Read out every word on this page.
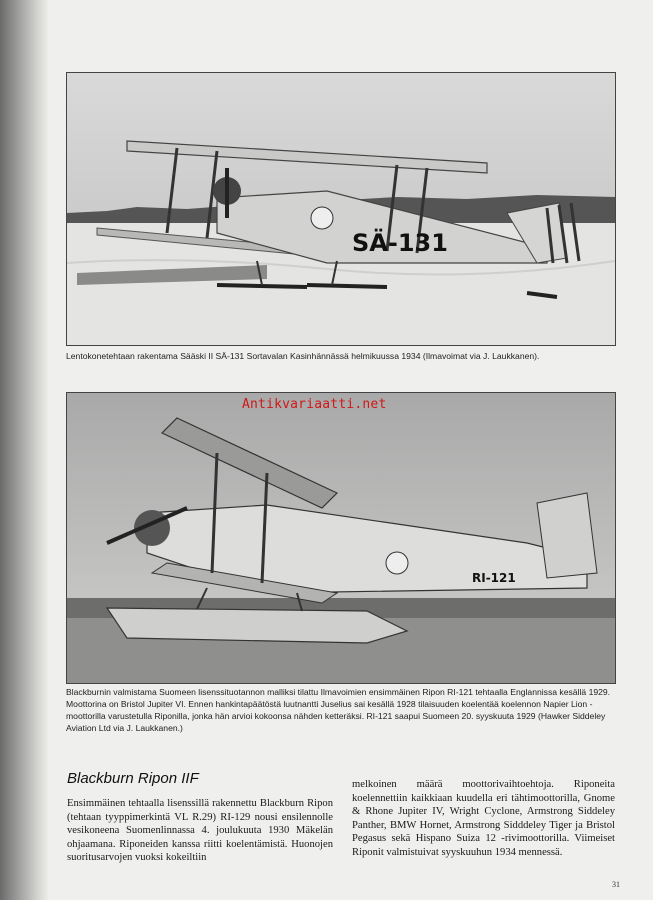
SÄ-131
Lentokonetehtaan rakentama Sääski II SÄ-131 Sortavalan Kasinhännässä helmikuussa 1934 (Ilmavoimat via J. Laukkanen).
RI-121
Antikvariaatti.net
Blackburnin valmistama Suomeen lisenssituotannon malliksi tilattu Ilmavoimien ensimmäinen Ripon RI-121 tehtaalla Englannissa kesällä 1929. Moottorina on Bristol Jupiter VI. Ennen hankintapäätöstä luutnantti Juselius sai kesällä 1928 tilaisuuden koelentää koelennon Napier Lion -moottorilla varustetulla Riponilla, jonka hän arvioi kokoonsa nähden ketteräksi. RI-121 saapui Suomeen 20. syyskuuta 1929 (Hawker Siddeley Aviation Ltd via J. Laukkanen.)
Blackburn Ripon IIF
Ensimmäinen tehtaalla lisenssillä rakennettu Blackburn Ripon (tehtaan tyyppimerkintä VL R.29) RI-129 nousi ensilennolle vesikoneena Suomenlinnassa 4. joulukuuta 1930 Mäkelän ohjaamana. Riponeiden kanssa riitti koelentämistä. Huonojen suoritusarvojen vuoksi kokeiltiin
melkoinen määrä moottorivaihtoehtoja. Riponeita koelennettiin kaikkiaan kuudella eri tähtimoottorilla, Gnome & Rhone Jupiter IV, Wright Cyclone, Armstrong Siddeley Panther, BMW Hornet, Armstrong Sidddeley Tiger ja Bristol Pegasus sekä Hispano Suiza 12 -rivimoottorilla. Viimeiset Riponit valmistuivat syyskuuhun 1934 mennessä.
31
